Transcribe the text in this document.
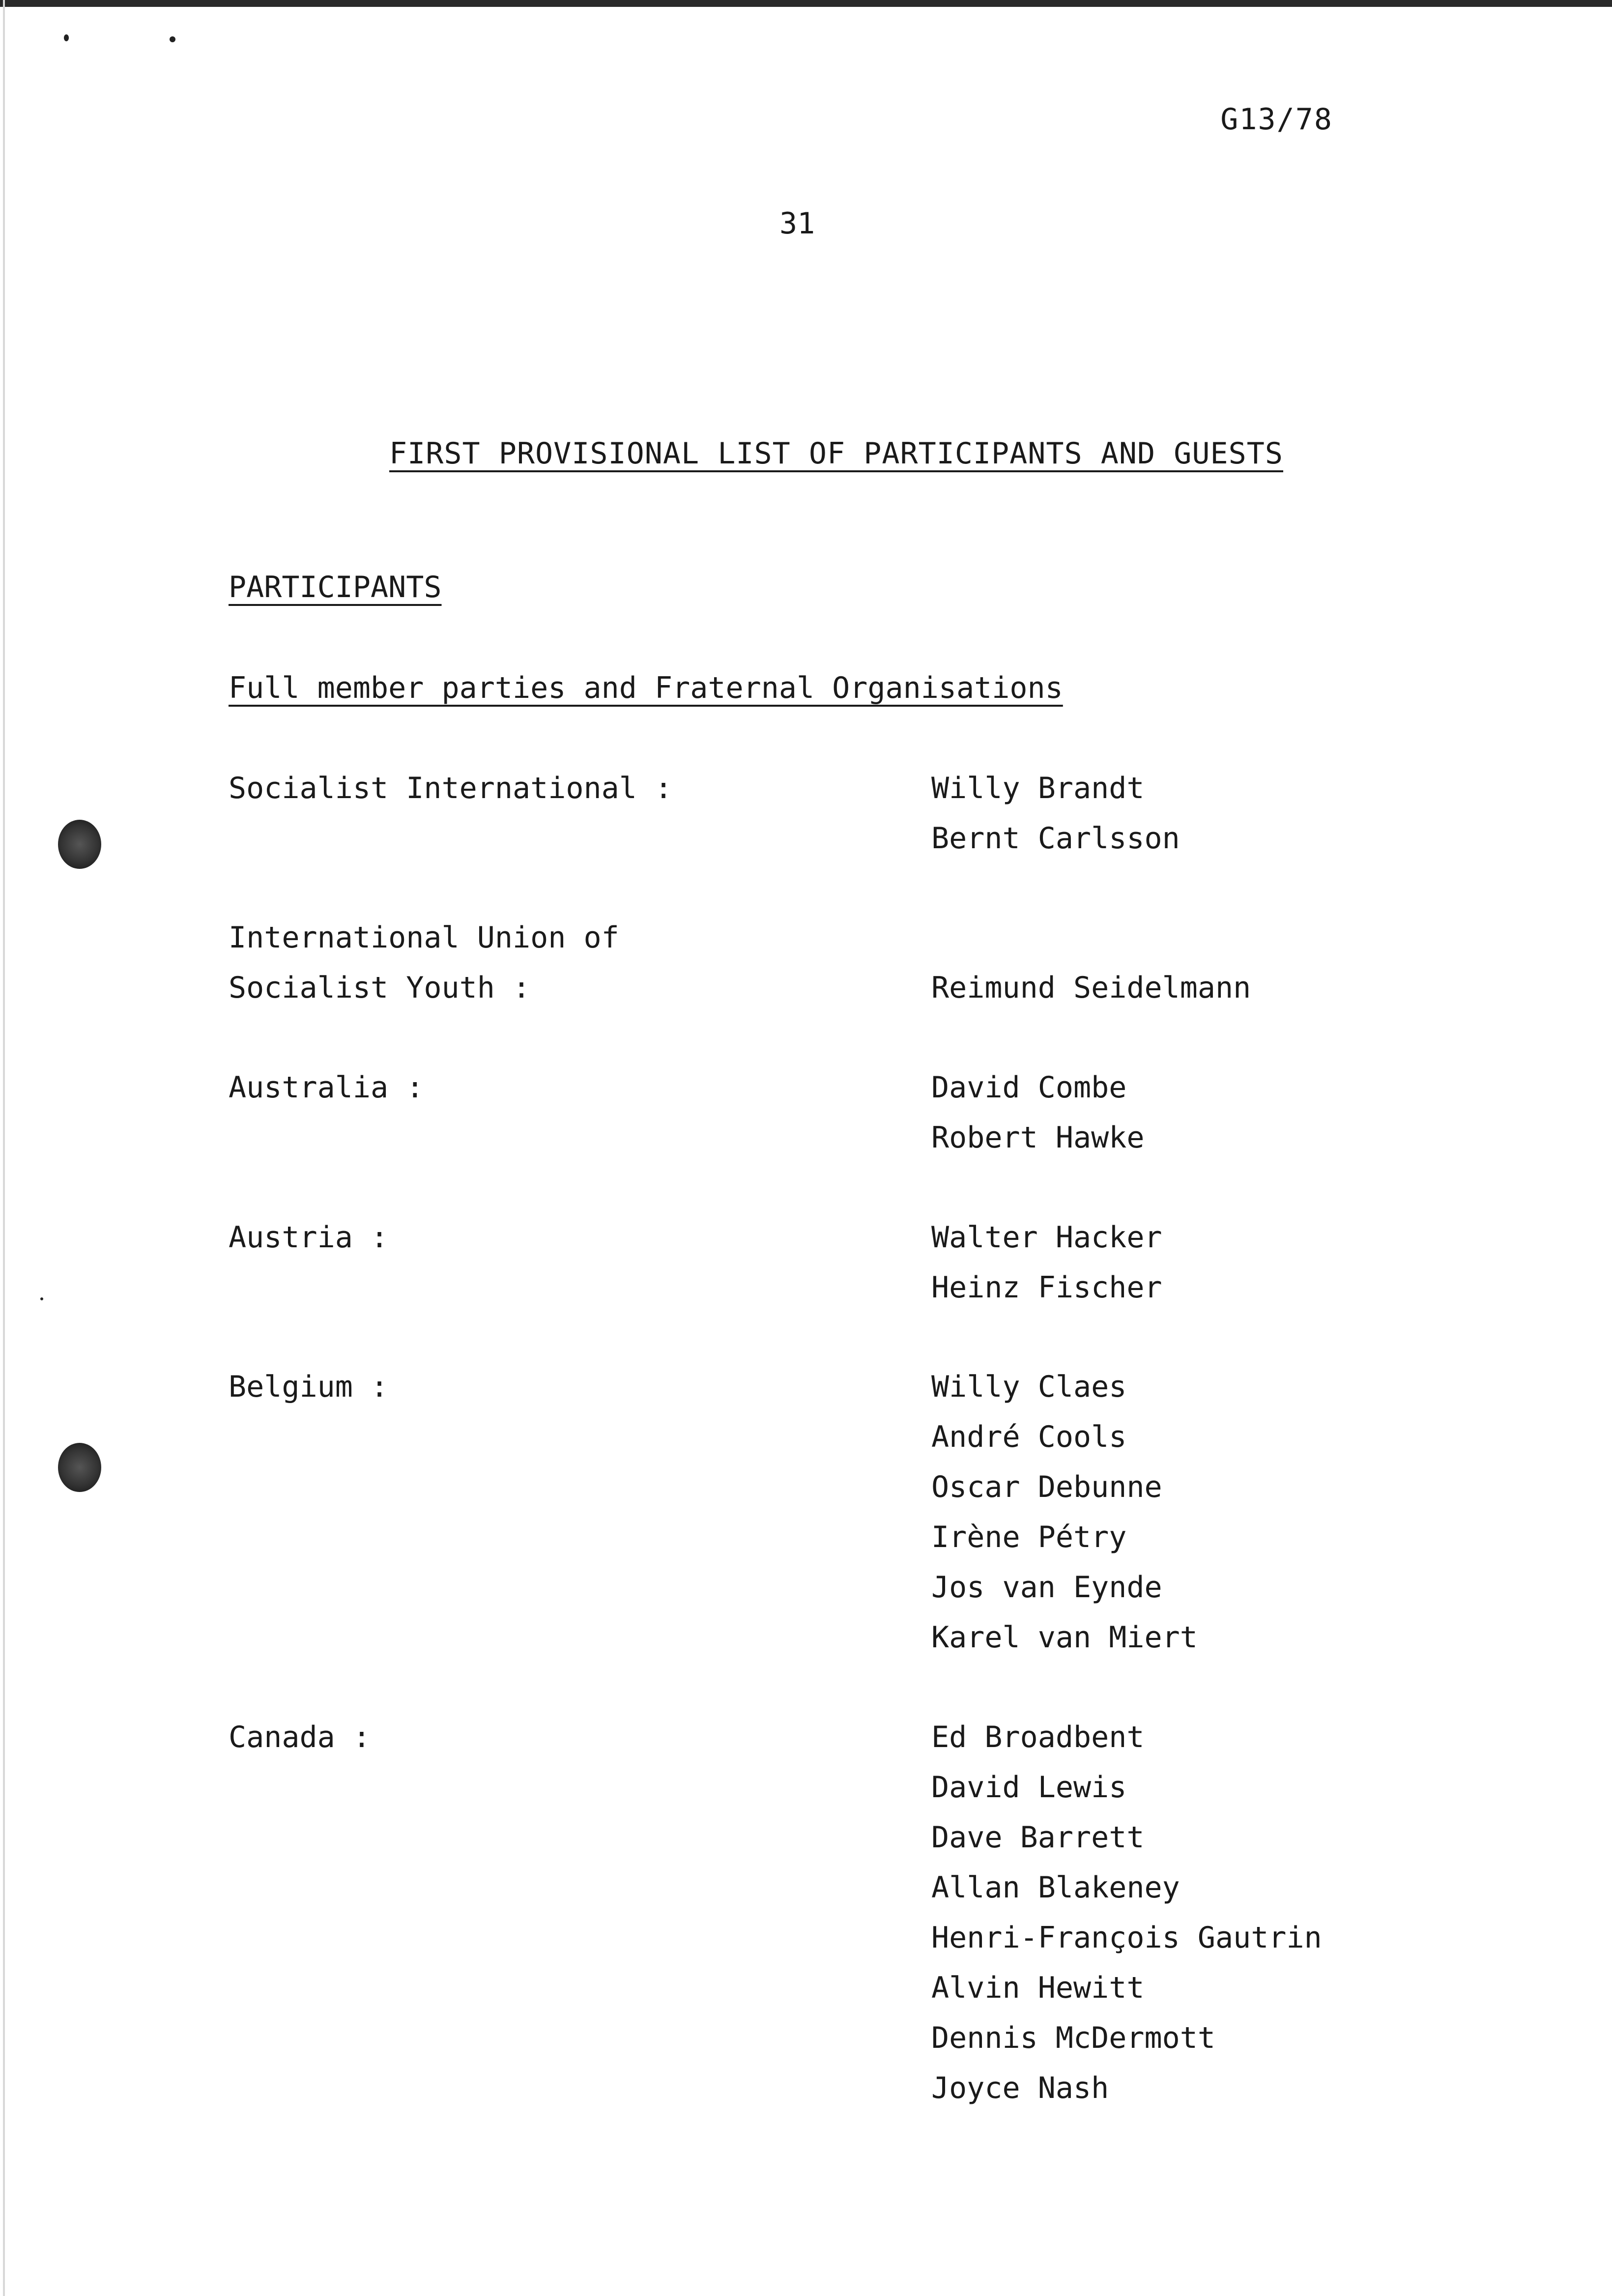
G13/78
31
FIRST PROVISIONAL LIST OF PARTICIPANTS AND GUESTS
PARTICIPANTS
Full member parties and Fraternal Organisations
Socialist International :	Willy Brandt
Bernt Carlsson
International Union of
Socialist Youth :	Reimund Seidelmann
Australia :	David Combe
Robert Hawke
Austria :	Walter Hacker
Heinz Fischer
Belgium :	Willy Claes
André Cools
Oscar Debunne
Irène Pétry
Jos van Eynde
Karel van Miert
Canada :	Ed Broadbent
David Lewis
Dave Barrett
Allan Blakeney
Henri-François Gautrin
Alvin Hewitt
Dennis McDermott
Joyce Nash
